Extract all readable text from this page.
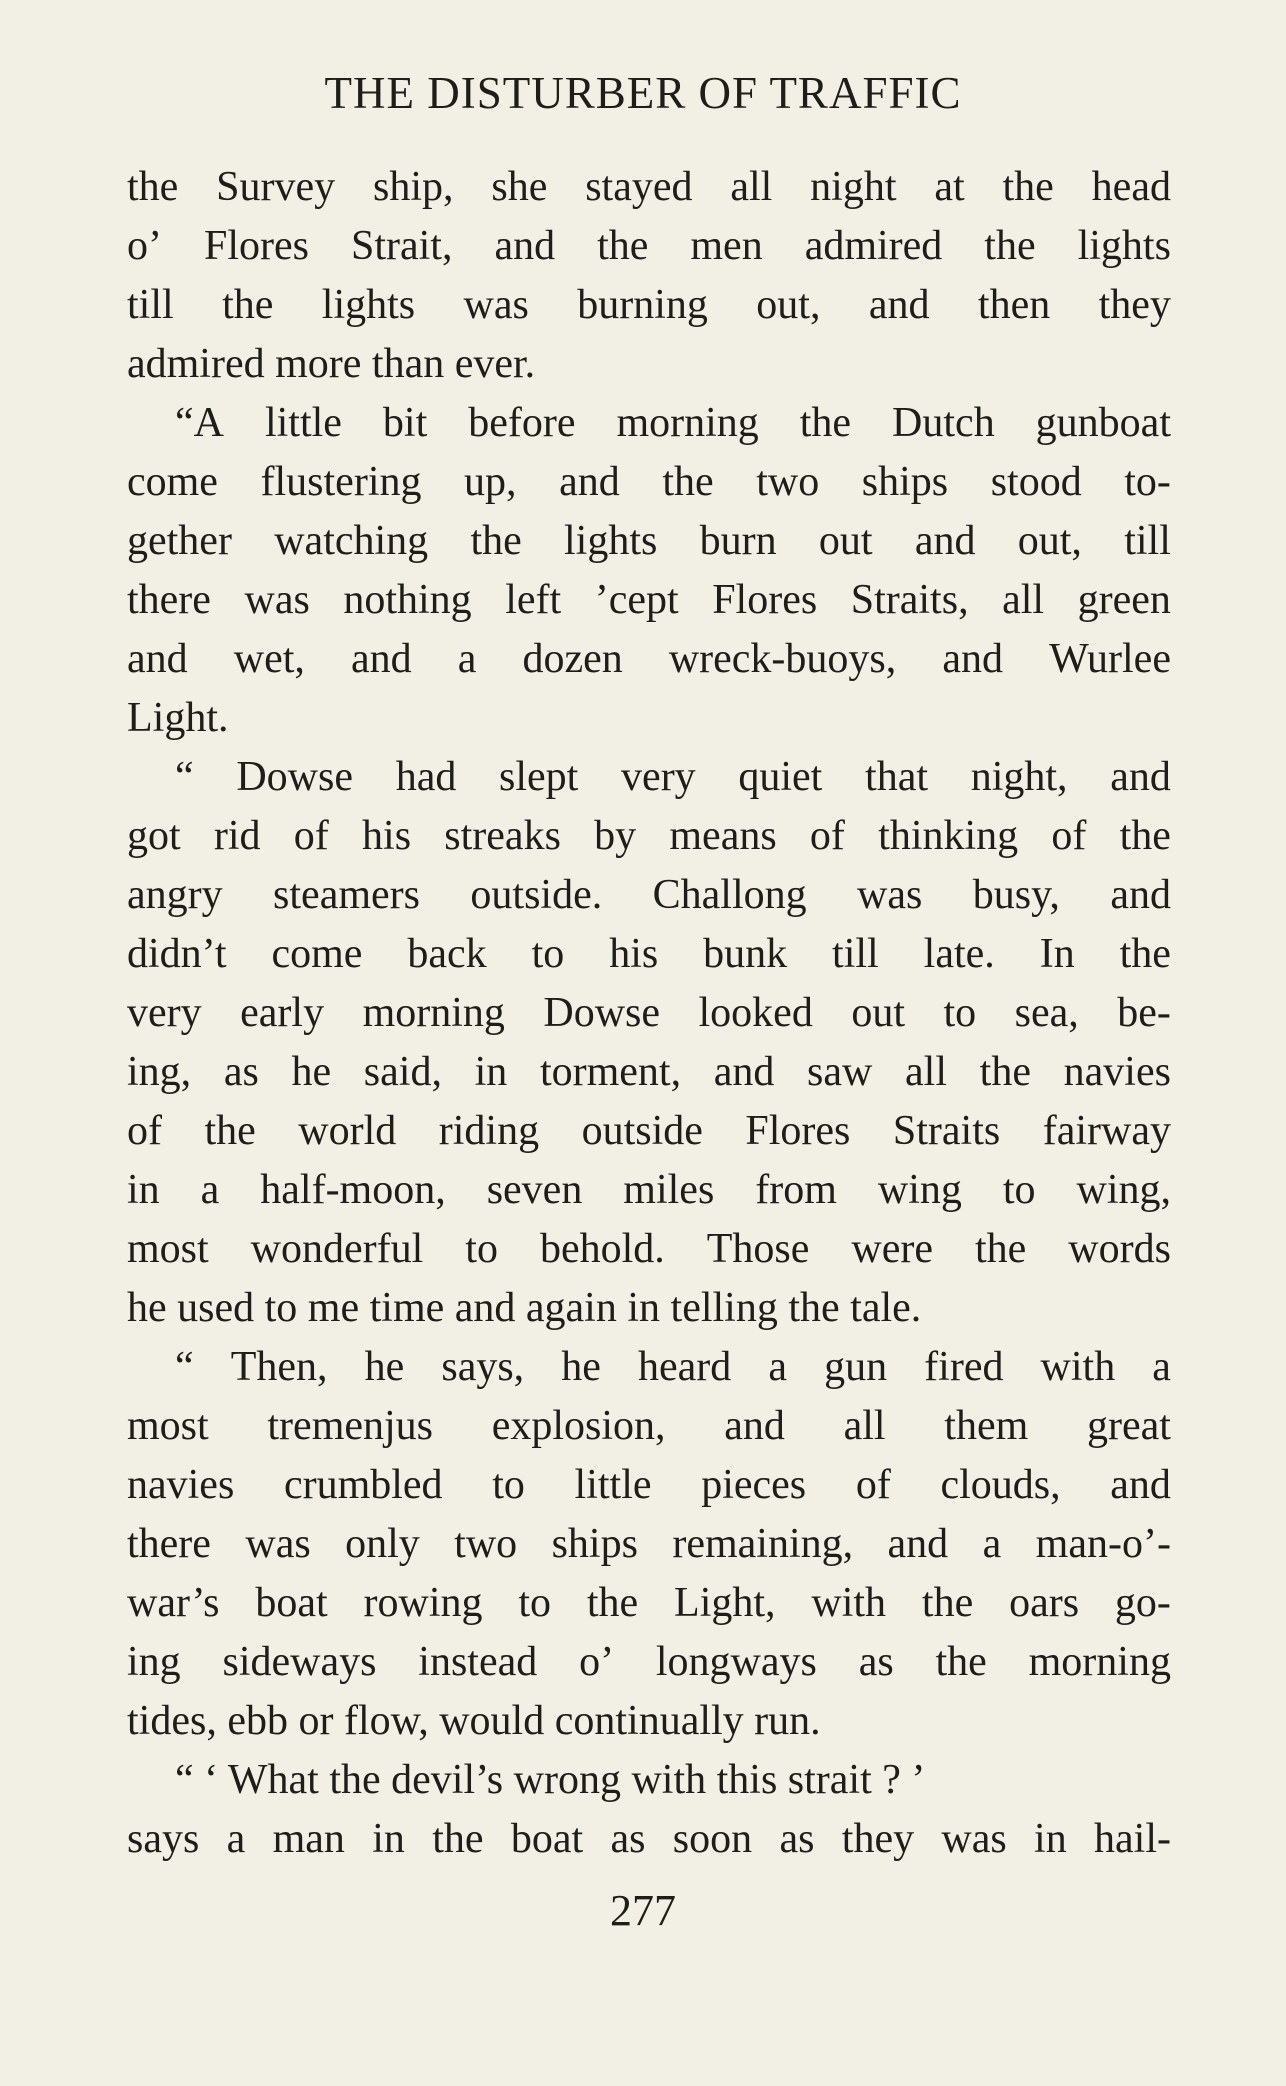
THE DISTURBER OF TRAFFIC
the Survey ship, she stayed all night at the head
o’ Flores Strait, and the men admired the lights
till the lights was burning out, and then they
admired more than ever.
“A little bit before morning the Dutch gunboat
come flustering up, and the two ships stood to-
gether watching the lights burn out and out, till
there was nothing left ’cept Flores Straits, all green
and wet, and a dozen wreck-buoys, and Wurlee
Light.
“ Dowse had slept very quiet that night, and
got rid of his streaks by means of thinking of the
angry steamers outside. Challong was busy, and
didn’t come back to his bunk till late. In the
very early morning Dowse looked out to sea, be-
ing, as he said, in torment, and saw all the navies
of the world riding outside Flores Straits fairway
in a half-moon, seven miles from wing to wing,
most wonderful to behold. Those were the words
he used to me time and again in telling the tale.
“ Then, he says, he heard a gun fired with a
most tremenjus explosion, and all them great
navies crumbled to little pieces of clouds, and
there was only two ships remaining, and a man-o’-
war’s boat rowing to the Light, with the oars go-
ing sideways instead o’ longways as the morning
tides, ebb or flow, would continually run.
“ ‘ What the devil’s wrong with this strait ? ’
says a man in the boat as soon as they was in hail-
277
